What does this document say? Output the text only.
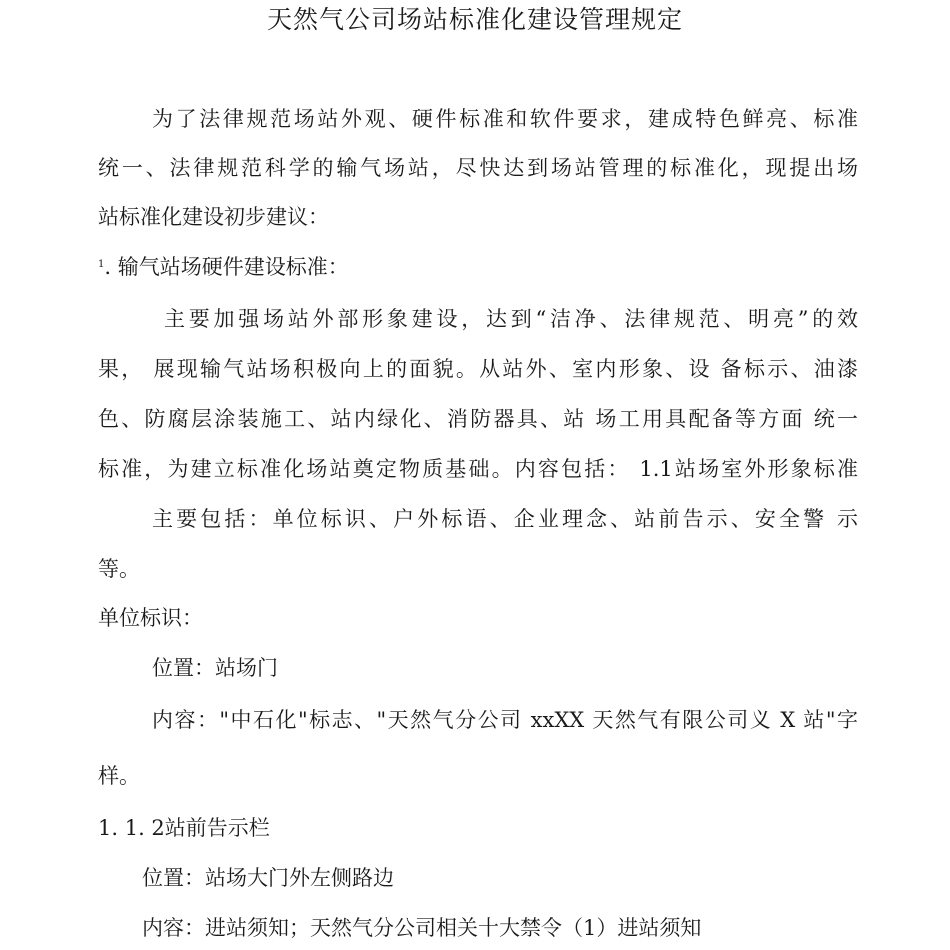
天然气公司场站标准化建设管理规定
为了法律规范场站外观、硬件标准和软件要求，建成特色鲜亮、标准
统一、法律规范科学的输气场站，尽快达到场站管理的标准化，现提出场
站标准化建设初步建议：
$^1$. 输气站场硬件建设标准：
主要加强场站外部形象建设，达到“洁净、法律规范、明亮”的效
果， 展现输气站场积极向上的面貌。从站外、室内形象、设 备标示、油漆
色、防腐层涂装施工、站内绿化、消防器具、站 场工用具配备等方面 统一
标准，为建立标准化场站奠定物质基础。内容包括： 1.1站场室外形象标准
主要包括：单位标识、户外标语、企业理念、站前告示、安全警 示
等。
单位标识：
位置：站场门
内容："中石化"标志、"天然气分公司 xxXX 天然气有限公司义 X 站"字
样。
1. 1. 2站前告示栏
位置：站场大门外左侧路边
内容：进站须知；天然气分公司相关十大禁令（1）进站须知
